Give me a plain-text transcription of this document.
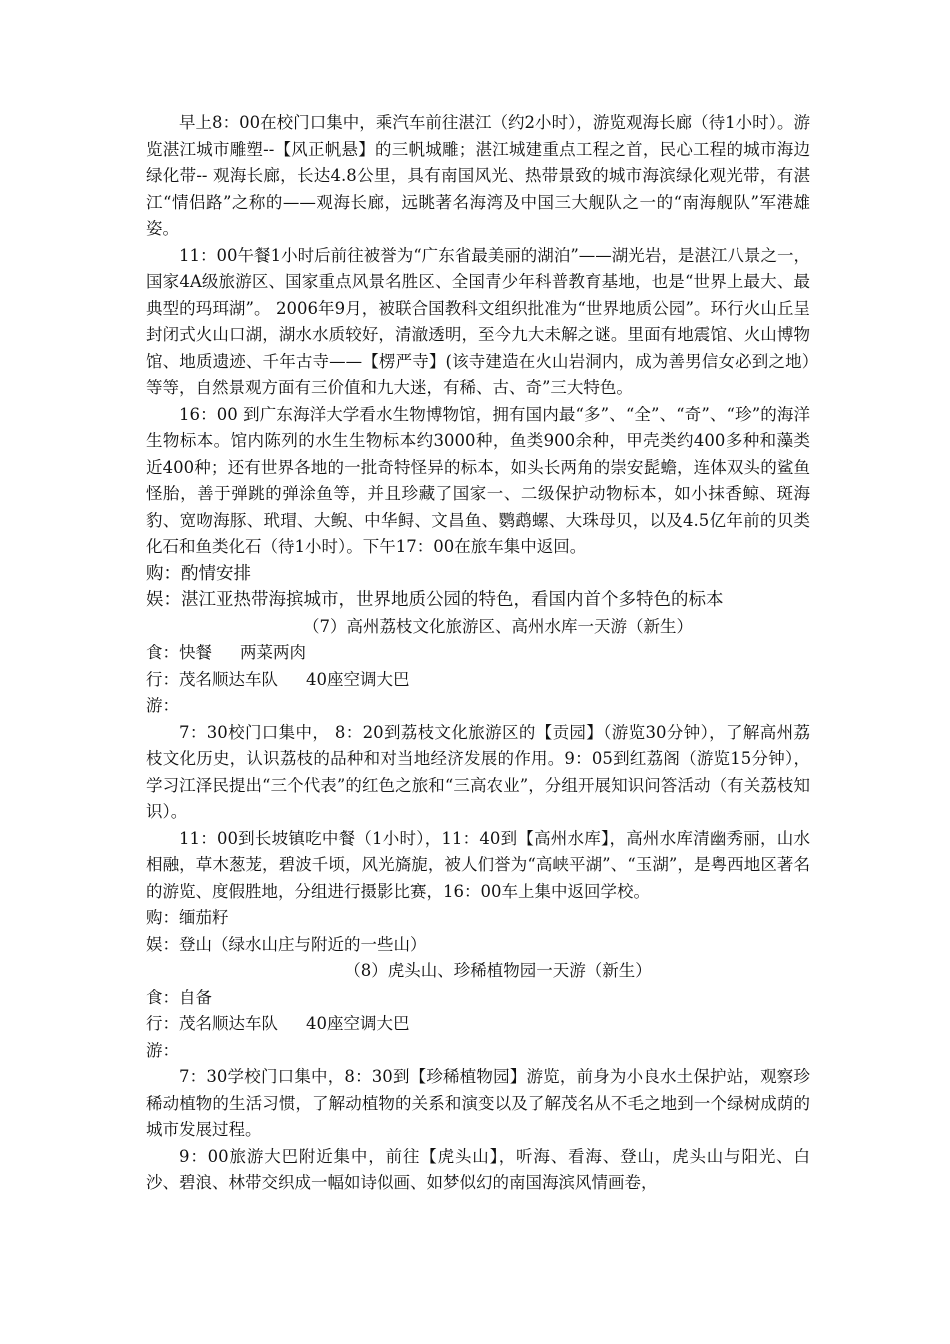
早上8：00在校门口集中，乘汽车前往湛江（约2小时），游览观海长廊（待1小时）。游览湛江城市雕塑--【风正帆悬】的三帆城雕；湛江城建重点工程之首，民心工程的城市海边绿化带-- 观海长廊，长达4.8公里，具有南国风光、热带景致的城市海滨绿化观光带，有湛江“情侣路”之称的——观海长廊，远眺著名海湾及中国三大舰队之一的“南海舰队”军港雄姿。

11：00午餐1小时后前往被誉为“广东省最美丽的湖泊”——湖光岩，是湛江八景之一，国家4A级旅游区、国家重点风景名胜区、全国青少年科普教育基地，也是“世界上最大、最典型的玛珥湖”。 2006年9月，被联合国教科文组织批准为“世界地质公园”。环行火山丘呈封闭式火山口湖，湖水水质较好，清澈透明，至今九大未解之谜。里面有地震馆、火山博物馆、地质遗迹、千年古寺——【楞严寺】(该寺建造在火山岩洞内，成为善男信女必到之地）等等，自然景观方面有三价值和九大迷，有稀、古、奇”三大特色。

16：00 到广东海洋大学看水生物博物馆，拥有国内最“多”、“全”、“奇”、“珍”的海洋生物标本。馆内陈列的水生生物标本约3000种，鱼类900余种，甲壳类约400多种和藻类近400种；还有世界各地的一批奇特怪异的标本，如头长两角的崇安髭蟾，连体双头的鲨鱼怪胎，善于弹跳的弹涂鱼等，并且珍藏了国家一、二级保护动物标本，如小抹香鲸、斑海豹、宽吻海豚、玳瑁、大鲵、中华鲟、文昌鱼、鹦鹉螺、大珠母贝，以及4.5亿年前的贝类化石和鱼类化石（待1小时）。下午17：00在旅车集中返回。

购： 酌情安排
娱： 湛江亚热带海摈城市，世界地质公园的特色，看国内首个多特色的标本

（7）高州荔枝文化旅游区、高州水库一天游（新生）

食： 快餐 两菜两肉
行： 茂名顺达车队 40座空调大巴
游：

7：30校门口集中， 8：20到荔枝文化旅游区的【贡园】（游览30分钟），了解高州荔枝文化历史，认识荔枝的品种和对当地经济发展的作用。9：05到红荔阁（游览15分钟），学习江泽民提出“三个代表”的红色之旅和“三高农业”，分组开展知识问答活动（有关荔枝知识）。

11：00到长坡镇吃中餐（1小时），11：40到【高州水库】，高州水库清幽秀丽，山水相融，草木葱茏，碧波千顷，风光旖旎，被人们誉为“高峡平湖”、“玉湖”，是粤西地区著名的游览、度假胜地，分组进行摄影比赛，16：00车上集中返回学校。

购： 缅茄籽
娱： 登山（绿水山庄与附近的一些山）

（8）虎头山、珍稀植物园一天游（新生）

食： 自备
行： 茂名顺达车队 40座空调大巴
游：

7：30学校门口集中，8：30到【珍稀植物园】游览，前身为小良水土保护站，观察珍稀动植物的生活习惯，了解动植物的关系和演变以及了解茂名从不毛之地到一个绿树成荫的城市发展过程。

9：00旅游大巴附近集中，前往【虎头山】，听海、看海、登山，虎头山与阳光、白沙、碧浪、林带交织成一幅如诗似画、如梦似幻的南国海滨风情画卷，
